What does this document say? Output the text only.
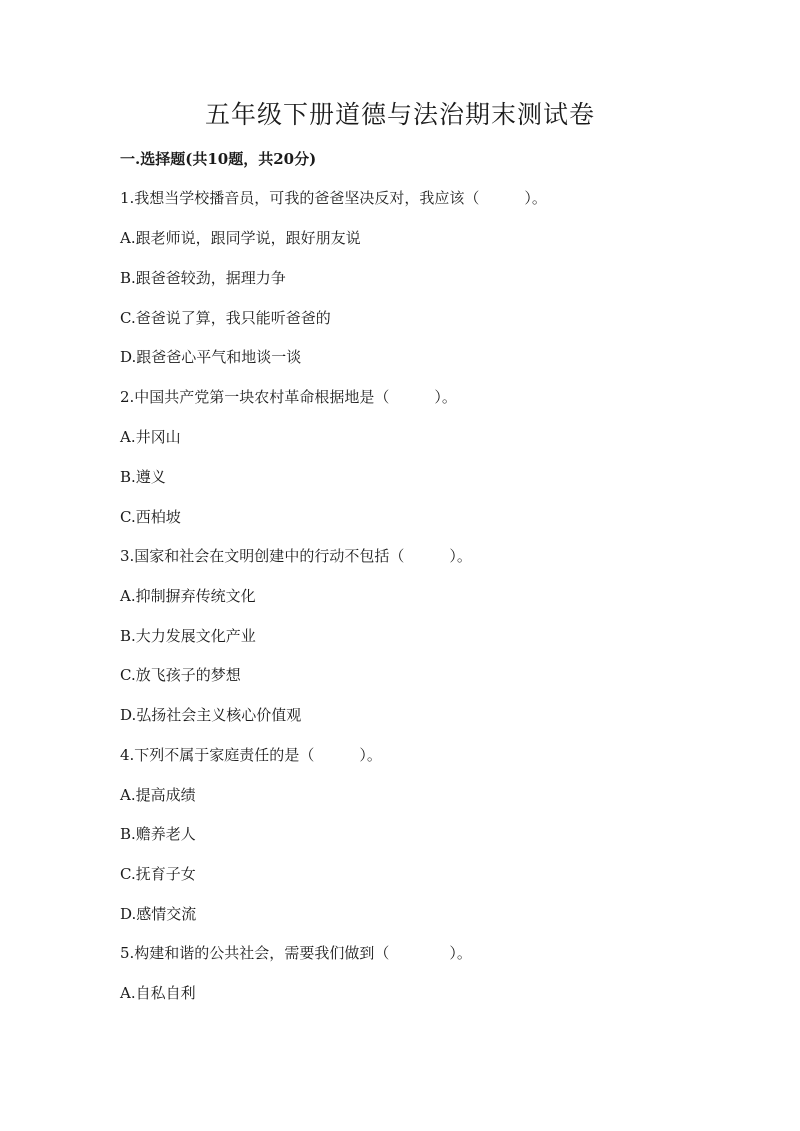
五年级下册道德与法治期末测试卷
一.选择题(共10题，共20分)
1.我想当学校播音员，可我的爸爸坚决反对，我应该（　　　）。
A.跟老师说，跟同学说，跟好朋友说
B.跟爸爸较劲，据理力争
C.爸爸说了算，我只能听爸爸的
D.跟爸爸心平气和地谈一谈
2.中国共产党第一块农村革命根据地是（　　　）。
A.井冈山
B.遵义
C.西柏坡
3.国家和社会在文明创建中的行动不包括（　　　）。
A.抑制摒弃传统文化
B.大力发展文化产业
C.放飞孩子的梦想
D.弘扬社会主义核心价值观
4.下列不属于家庭责任的是（　　　）。
A.提高成绩
B.赡养老人
C.抚育子女
D.感情交流
5.构建和谐的公共社会，需要我们做到（　　　　）。
A.自私自利
